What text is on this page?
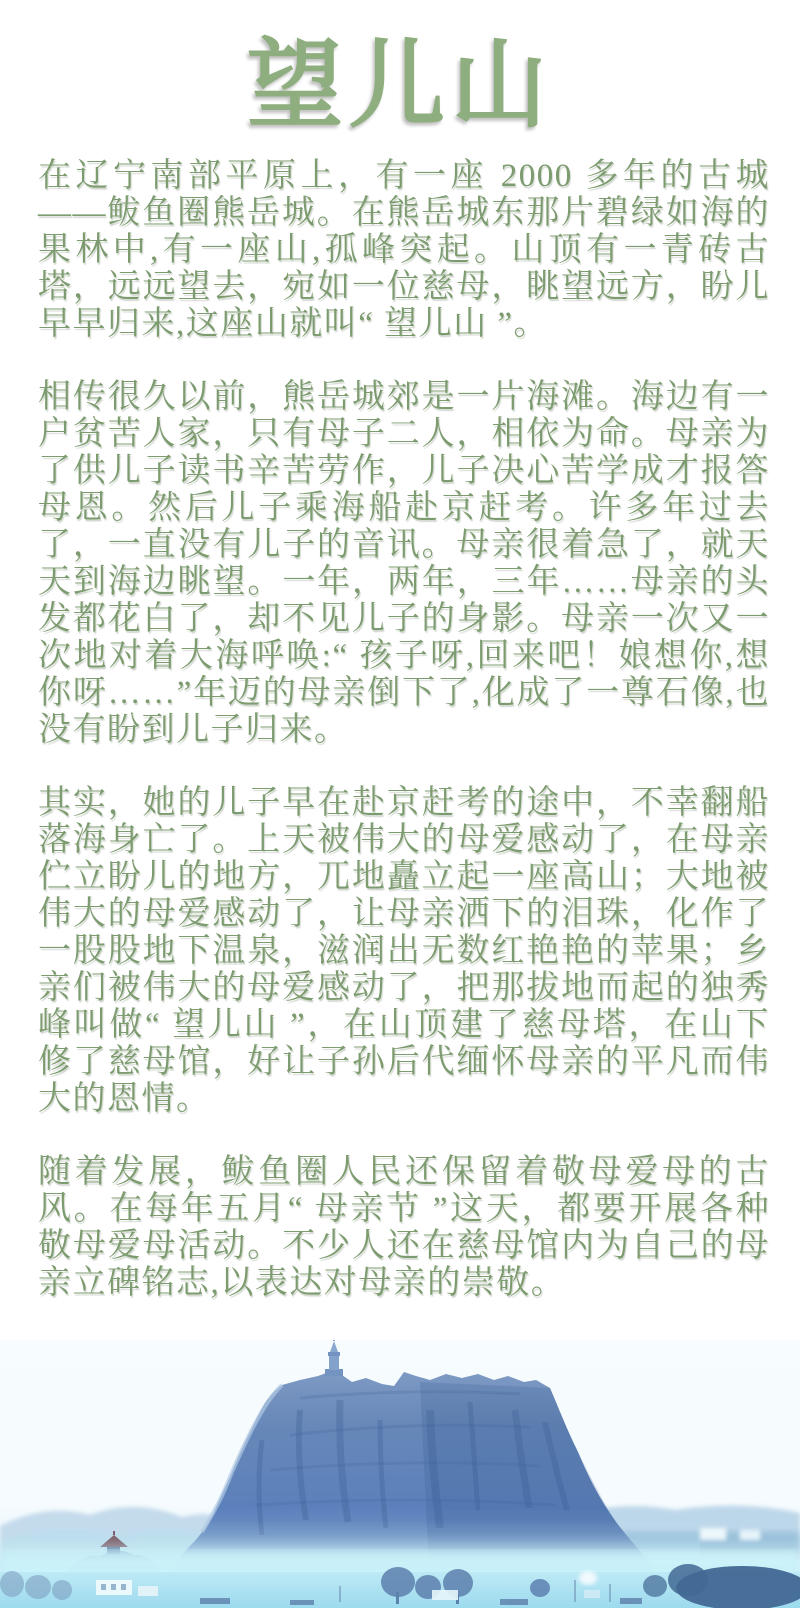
望儿山

在辽宁南部平原上，有一座 2000 多年的古城——鲅鱼圈熊岳城。在熊岳城东那片碧绿如海的果林中,有一座山,孤峰突起。山顶有一青砖古塔，远远望去，宛如一位慈母，眺望远方，盼儿早早归来,这座山就叫“ 望儿山 ”。

相传很久以前，熊岳城郊是一片海滩。海边有一户贫苦人家，只有母子二人，相依为命。母亲为了供儿子读书辛苦劳作，儿子决心苦学成才报答母恩。然后儿子乘海船赴京赶考。许多年过去了，一直没有儿子的音讯。母亲很着急了，就天天到海边眺望。一年，两年，三年……母亲的头发都花白了，却不见儿子的身影。母亲一次又一次地对着大海呼唤:“ 孩子呀,回来吧！娘想你,想你呀……”年迈的母亲倒下了,化成了一尊石像,也没有盼到儿子归来。

其实，她的儿子早在赴京赶考的途中，不幸翻船落海身亡了。上天被伟大的母爱感动了，在母亲伫立盼儿的地方，兀地矗立起一座高山；大地被伟大的母爱感动了，让母亲洒下的泪珠，化作了一股股地下温泉，滋润出无数红艳艳的苹果；乡亲们被伟大的母爱感动了，把那拔地而起的独秀峰叫做“ 望儿山 ”，在山顶建了慈母塔，在山下修了慈母馆，好让子孙后代缅怀母亲的平凡而伟大的恩情。

随着发展，鲅鱼圈人民还保留着敬母爱母的古风。在每年五月“ 母亲节 ”这天，都要开展各种敬母爱母活动。不少人还在慈母馆内为自己的母亲立碑铭志,以表达对母亲的崇敬。
